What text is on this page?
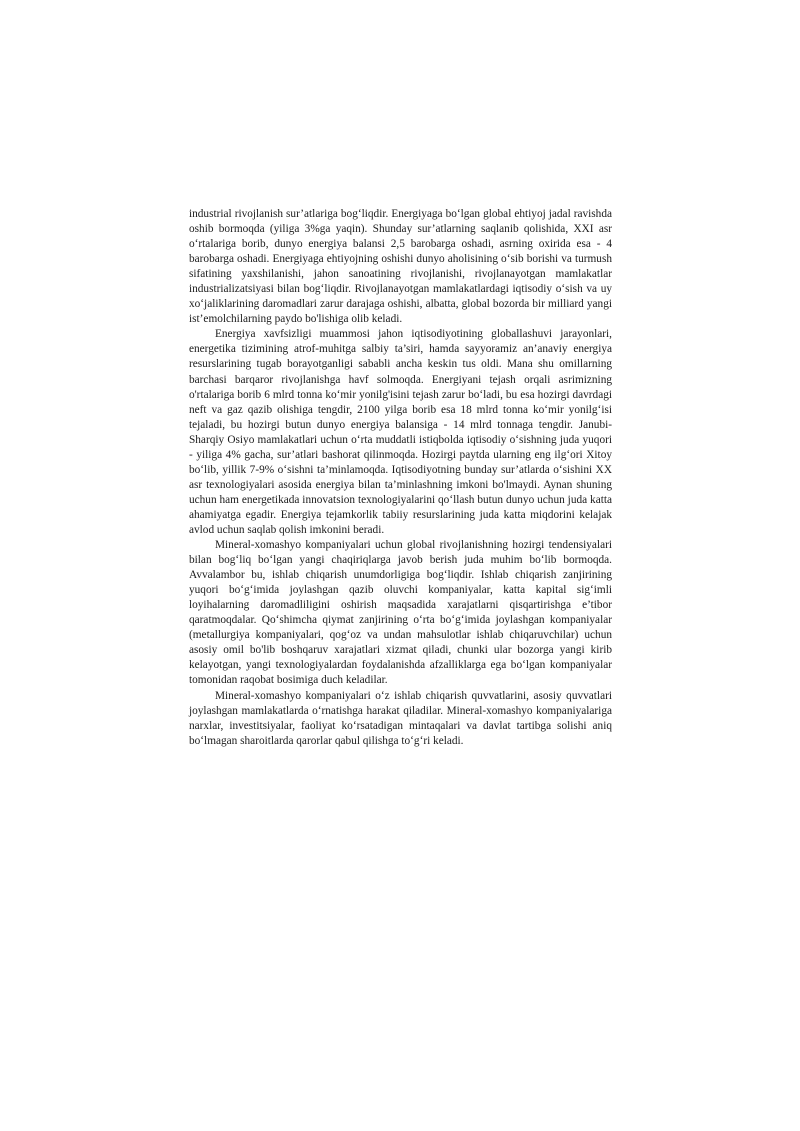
industrial rivojlanish sur’atlariga bog‘liqdir. Energiyaga bo‘lgan global ehtiyoj jadal ravishda oshib bormoqda (yiliga 3%ga yaqin). Shunday sur’atlarning saqlanib qolishida, XXI asr o‘rtalariga borib, dunyo energiya balansi 2,5 barobarga oshadi, asrning oxirida esa - 4 barobarga oshadi. Energiyaga ehtiyojning oshishi dunyo aholisining o‘sib borishi va turmush sifatining yaxshilanishi, jahon sanoatining rivojlanishi, rivojlanayotgan mamlakatlar industrializatsiyasi bilan bog‘liqdir. Rivojlanayotgan mamlakatlardagi iqtisodiy o‘sish va uy xo‘jaliklarining daromadlari zarur darajaga oshishi, albatta, global bozorda bir milliard yangi ist’emolchilarning paydo bo'lishiga olib keladi.

Energiya xavfsizligi muammosi jahon iqtisodiyotining globallashuvi jarayonlari, energetika tizimining atrof-muhitga salbiy ta’siri, hamda sayyoramiz an’anaviy energiya resurslarining tugab borayotganligi sababli ancha keskin tus oldi. Mana shu omillarning barchasi barqaror rivojlanishga havf solmoqda. Energiyani tejash orqali asrimizning o'rtalariga borib 6 mlrd tonna ko‘mir yonilg'isini tejash zarur bo‘ladi, bu esa hozirgi davrdagi neft va gaz qazib olishiga tengdir, 2100 yilga borib esa 18 mlrd tonna ko‘mir yonilg‘isi tejaladi, bu hozirgi butun dunyo energiya balansiga - 14 mlrd tonnaga tengdir. Janubi-Sharqiy Osiyo mamlakatlari uchun o‘rta muddatli istiqbolda iqtisodiy o‘sishning juda yuqori - yiliga 4% gacha, sur’atlari bashorat qilinmoqda. Hozirgi paytda ularning eng ilg‘ori Xitoy bo‘lib, yillik 7-9% o‘sishni ta’minlamoqda. Iqtisodiyotning bunday sur’atlarda o‘sishini XX asr texnologiyalari asosida energiya bilan ta’minlashning imkoni bo'lmaydi. Aynan shuning uchun ham energetikada innovatsion texnologiyalarini qo‘llash butun dunyo uchun juda katta ahamiyatga egadir. Energiya tejamkorlik tabiiy resurslarining juda katta miqdorini kelajak avlod uchun saqlab qolish imkonini beradi.

Mineral-xomashyo kompaniyalari uchun global rivojlanishning hozirgi tendensiyalari bilan bog‘liq bo‘lgan yangi chaqiriqlarga javob berish juda muhim bo‘lib bormoqda. Avvalambor bu, ishlab chiqarish unumdorligiga bog‘liqdir. Ishlab chiqarish zanjirining yuqori bo‘g‘imida joylashgan qazib oluvchi kompaniyalar, katta kapital sig‘imli loyihalarning daromadliligini oshirish maqsadida xarajatlarni qisqartirishga e’tibor qaratmoqdalar. Qo‘shimcha qiymat zanjirining o‘rta bo‘g‘imida joylashgan kompaniyalar (metallurgiya kompaniyalari, qog‘oz va undan mahsulotlar ishlab chiqaruvchilar) uchun asosiy omil bo'lib boshqaruv xarajatlari xizmat qiladi, chunki ular bozorga yangi kirib kelayotgan, yangi texnologiyalardan foydalanishda afzalliklarga ega bo‘lgan kompaniyalar tomonidan raqobat bosimiga duch keladilar.

Mineral-xomashyo kompaniyalari o‘z ishlab chiqarish quvvatlarini, asosiy quvvatlari joylashgan mamlakatlarda o‘rnatishga harakat qiladilar. Mineral-xomashyo kompaniyalariga narxlar, investitsiyalar, faoliyat ko‘rsatadigan mintaqalari va davlat tartibga solishi aniq bo‘lmagan sharoitlarda qarorlar qabul qilishga to‘g‘ri keladi.
